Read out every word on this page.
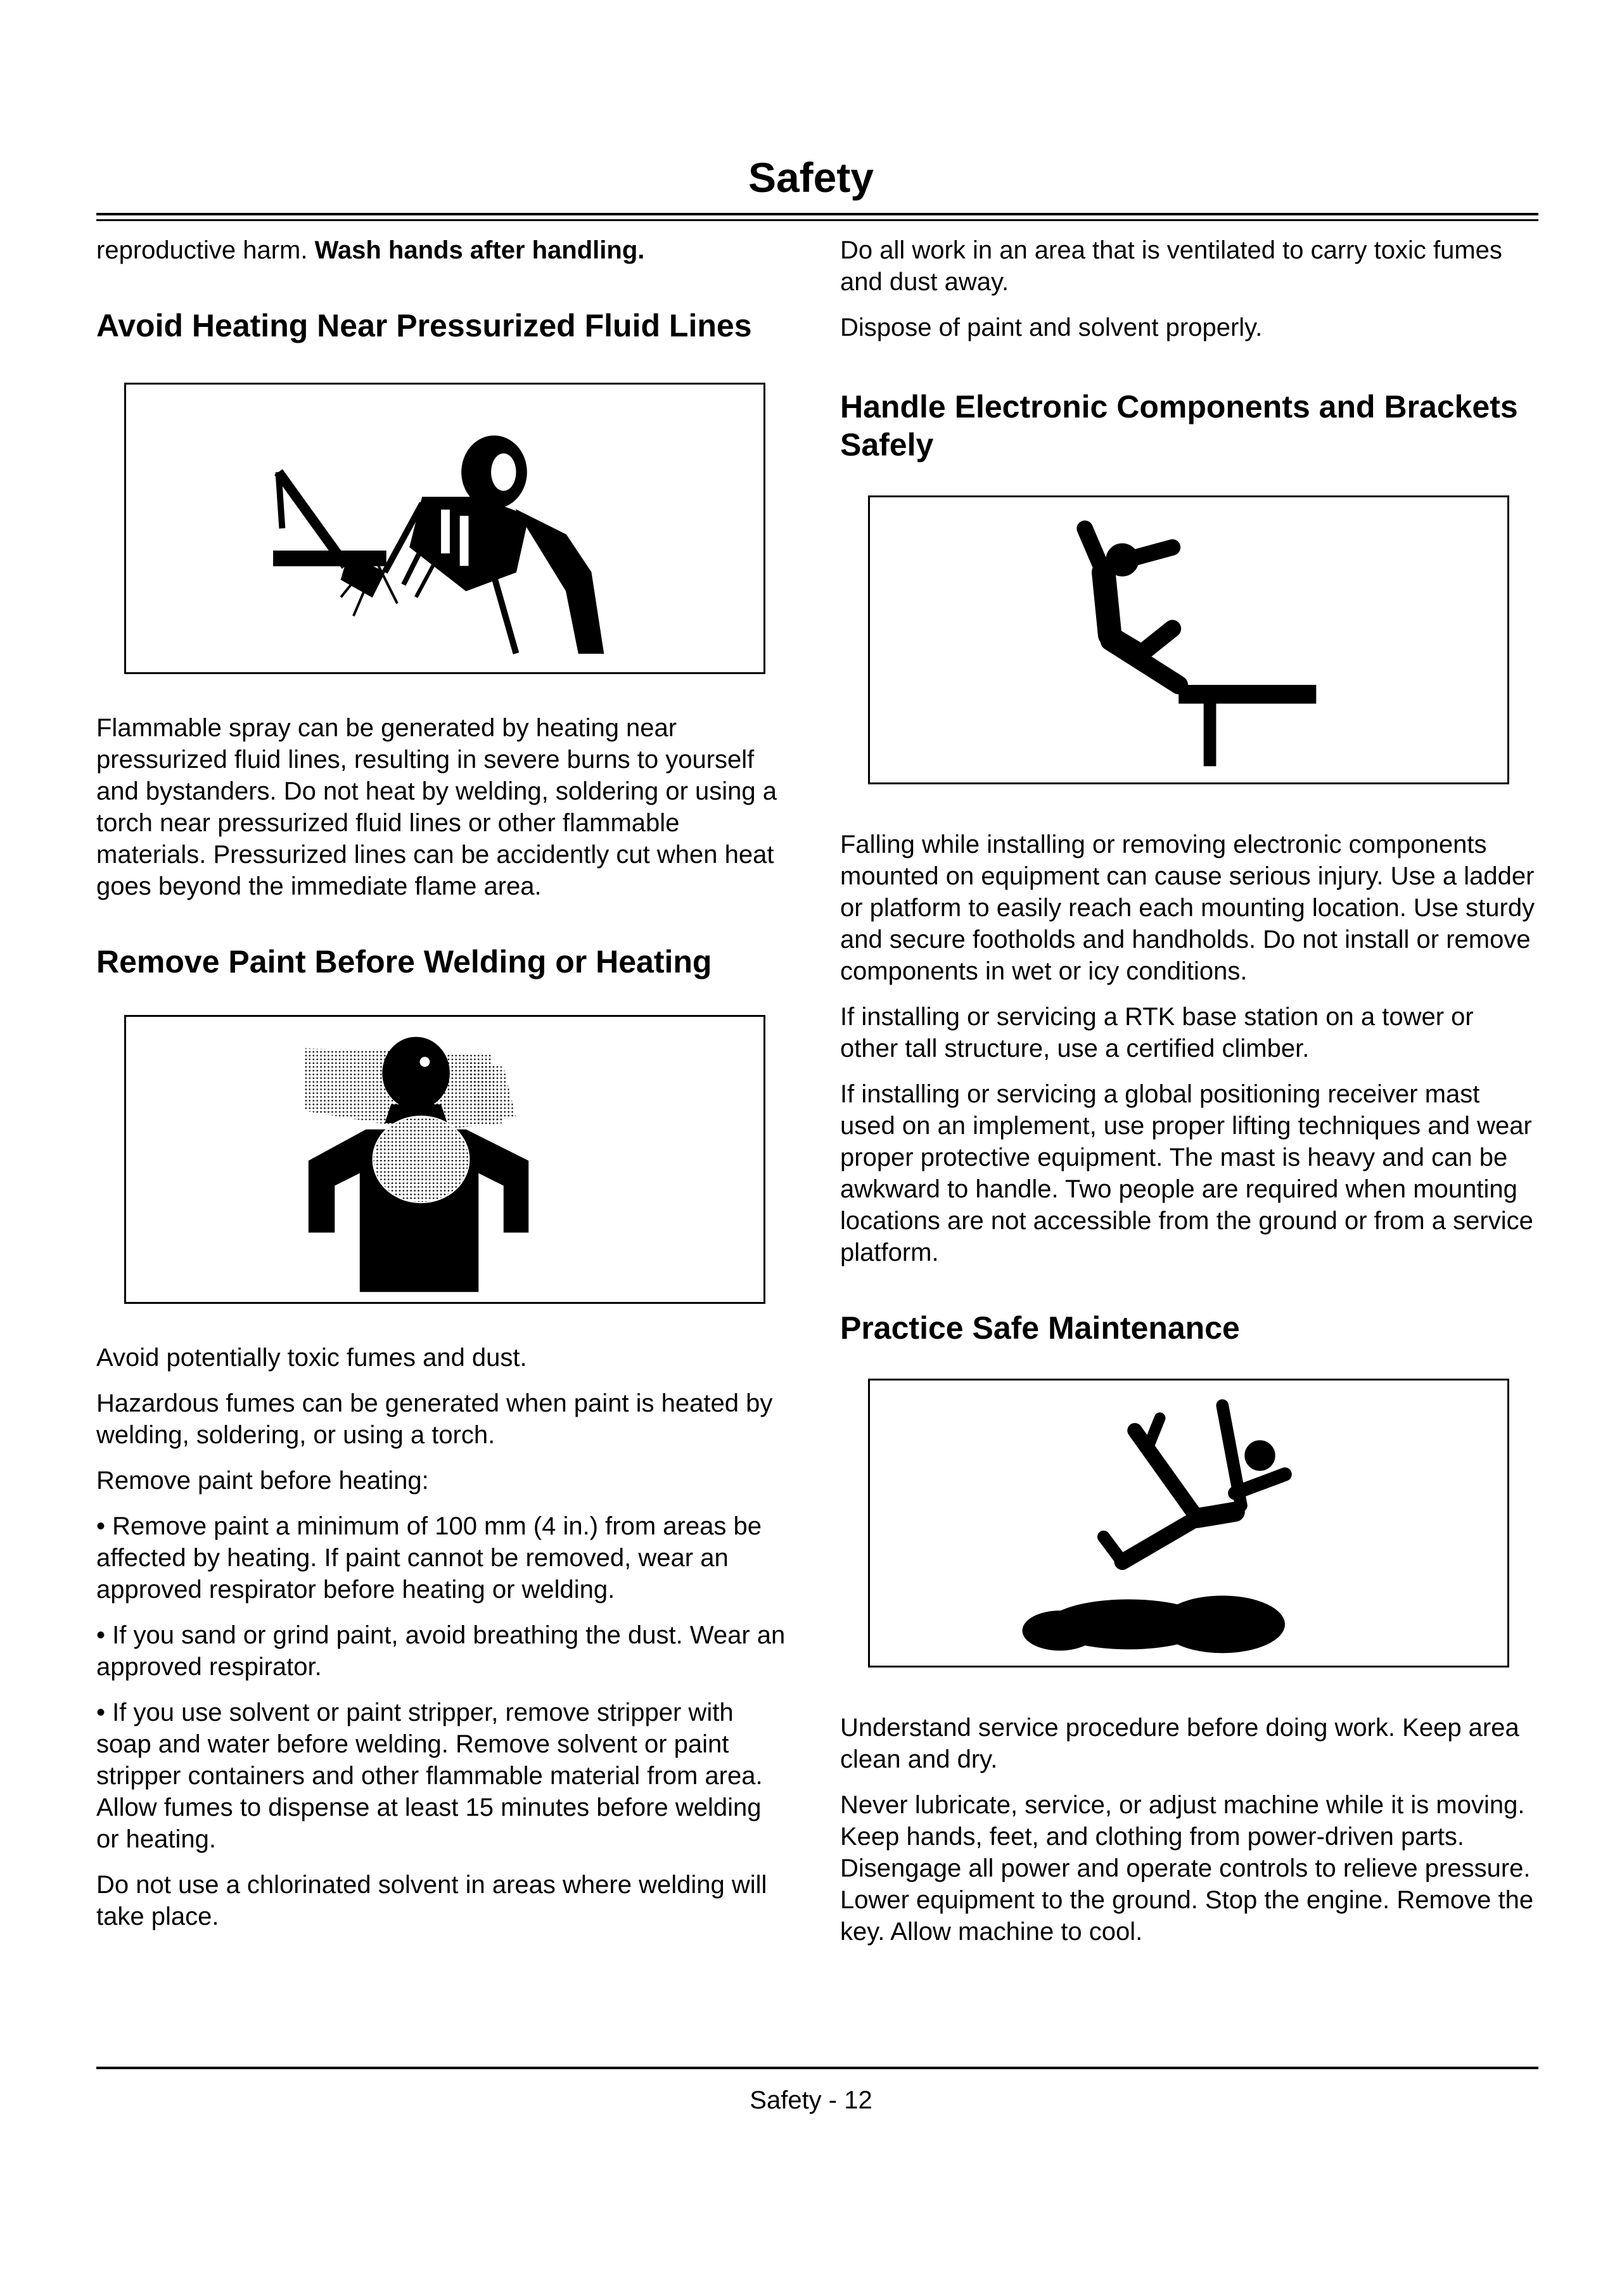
Safety

reproductive harm. Wash hands after handling.

Avoid Heating Near Pressurized Fluid Lines

Flammable spray can be generated by heating near pressurized fluid lines, resulting in severe burns to yourself and bystanders. Do not heat by welding, soldering or using a torch near pressurized fluid lines or other flammable materials. Pressurized lines can be accidently cut when heat goes beyond the immediate flame area.

Remove Paint Before Welding or Heating

Avoid potentially toxic fumes and dust.

Hazardous fumes can be generated when paint is heated by welding, soldering, or using a torch.

Remove paint before heating:

• Remove paint a minimum of 100 mm (4 in.) from areas be affected by heating. If paint cannot be removed, wear an approved respirator before heating or welding.

• If you sand or grind paint, avoid breathing the dust. Wear an approved respirator.

• If you use solvent or paint stripper, remove stripper with soap and water before welding. Remove solvent or paint stripper containers and other flammable material from area. Allow fumes to dispense at least 15 minutes before welding or heating.

Do not use a chlorinated solvent in areas where welding will take place.

Do all work in an area that is ventilated to carry toxic fumes and dust away.

Dispose of paint and solvent properly.

Handle Electronic Components and Brackets Safely

Falling while installing or removing electronic components mounted on equipment can cause serious injury. Use a ladder or platform to easily reach each mounting location. Use sturdy and secure footholds and handholds. Do not install or remove components in wet or icy conditions.

If installing or servicing a RTK base station on a tower or other tall structure, use a certified climber.

If installing or servicing a global positioning receiver mast used on an implement, use proper lifting techniques and wear proper protective equipment. The mast is heavy and can be awkward to handle. Two people are required when mounting locations are not accessible from the ground or from a service platform.

Practice Safe Maintenance

Understand service procedure before doing work. Keep area clean and dry.

Never lubricate, service, or adjust machine while it is moving. Keep hands, feet, and clothing from power-driven parts. Disengage all power and operate controls to relieve pressure. Lower equipment to the ground. Stop the engine. Remove the key. Allow machine to cool.

Safety - 12
